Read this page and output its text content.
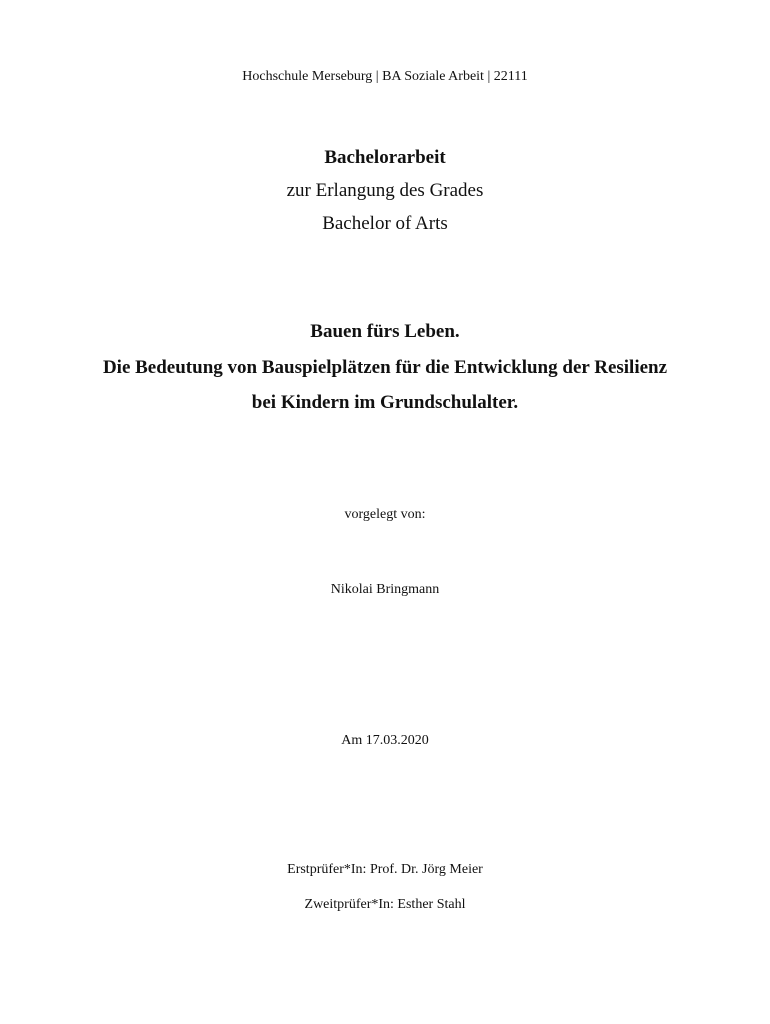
Hochschule Merseburg | BA Soziale Arbeit | 22111
Bachelorarbeit
zur Erlangung des Grades
Bachelor of Arts
Bauen fürs Leben.
Die Bedeutung von Bauspielplätzen für die Entwicklung der Resilienz
bei Kindern im Grundschulalter.
vorgelegt von:
Nikolai Bringmann
Am 17.03.2020
Erstprüfer*In: Prof. Dr. Jörg Meier
Zweitprüfer*In: Esther Stahl
